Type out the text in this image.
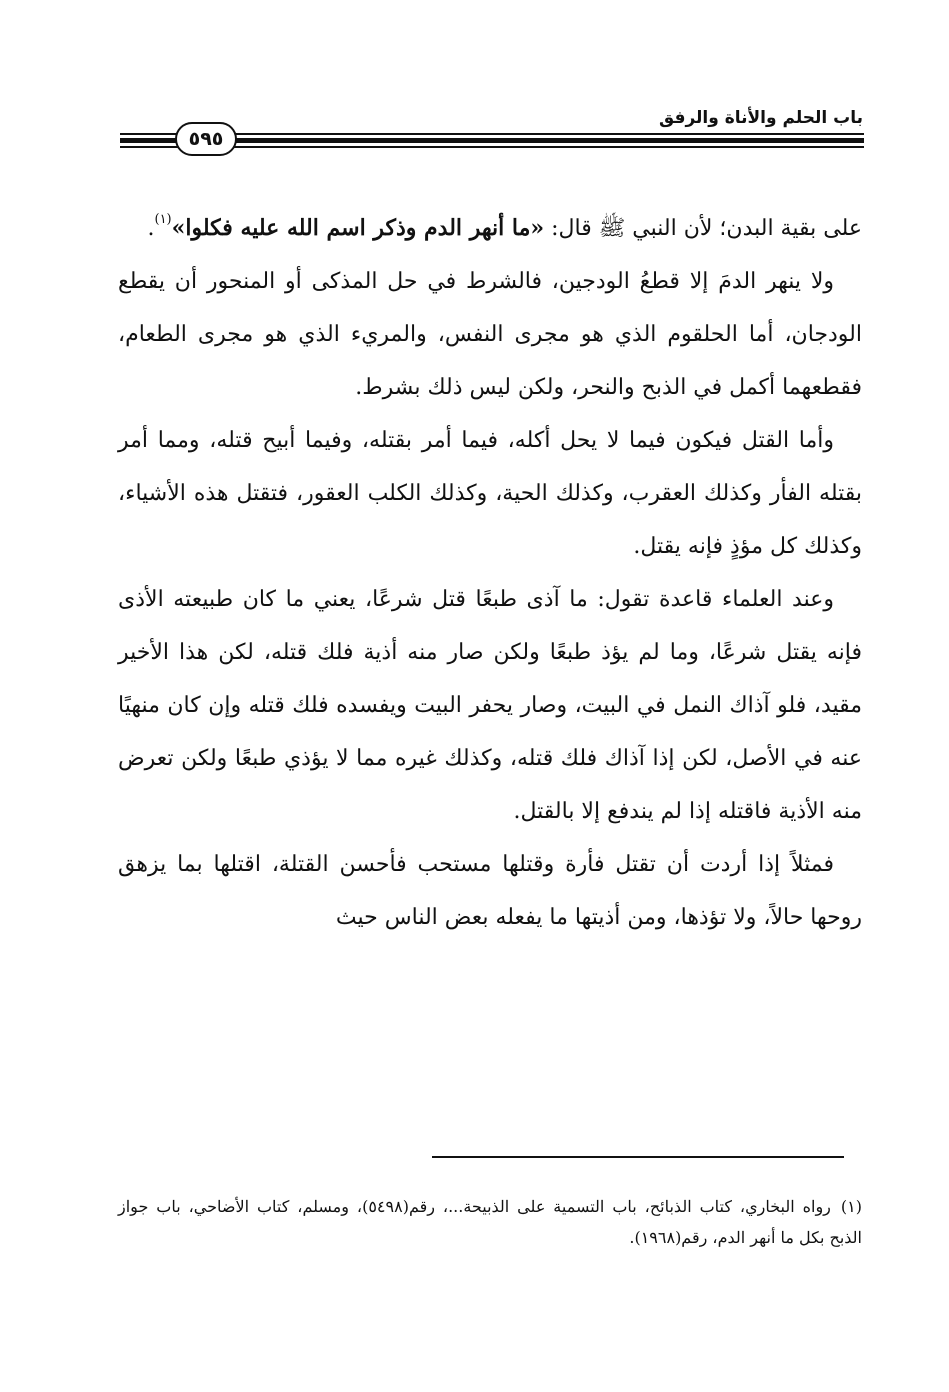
باب الحلم والأناة والرفق
٥٩٥

على بقية البدن؛ لأن النبي ﷺ قال: «ما أنهر الدم وذكر اسم الله عليه فكلوا»$^{(١)}$.

ولا ينهر الدمَ إلا قطعُ الودجين، فالشرط في حل المذكى أو المنحور أن يقطع الودجان، أما الحلقوم الذي هو مجرى النفس، والمريء الذي هو مجرى الطعام، فقطعهما أكمل في الذبح والنحر، ولكن ليس ذلك بشرط.

وأما القتل فيكون فيما لا يحل أكله، فيما أمر بقتله، وفيما أبيح قتله، ومما أمر بقتله الفأر وكذلك العقرب، وكذلك الحية، وكذلك الكلب العقور، فتقتل هذه الأشياء، وكذلك كل مؤذٍ فإنه يقتل.

وعند العلماء قاعدة تقول: ما آذى طبعًا قتل شرعًا، يعني ما كان طبيعته الأذى فإنه يقتل شرعًا، وما لم يؤذ طبعًا ولكن صار منه أذية فلك قتله، لكن هذا الأخير مقيد، فلو آذاك النمل في البيت، وصار يحفر البيت ويفسده فلك قتله وإن كان منهيًا عنه في الأصل، لكن إذا آذاك فلك قتله، وكذلك غيره مما لا يؤذي طبعًا ولكن تعرض منه الأذية فاقتله إذا لم يندفع إلا بالقتل.

فمثلاً إذا أردت أن تقتل فأرة وقتلها مستحب فأحسن القتلة، اقتلها بما يزهق روحها حالاً، ولا تؤذها، ومن أذيتها ما يفعله بعض الناس حيث

(١)رواه البخاري، كتاب الذبائح، باب التسمية على الذبيحة...، رقم(٥٤٩٨)، ومسلم، كتاب الأضاحي، باب جواز الذبح بكل ما أنهر الدم، رقم(١٩٦٨).
